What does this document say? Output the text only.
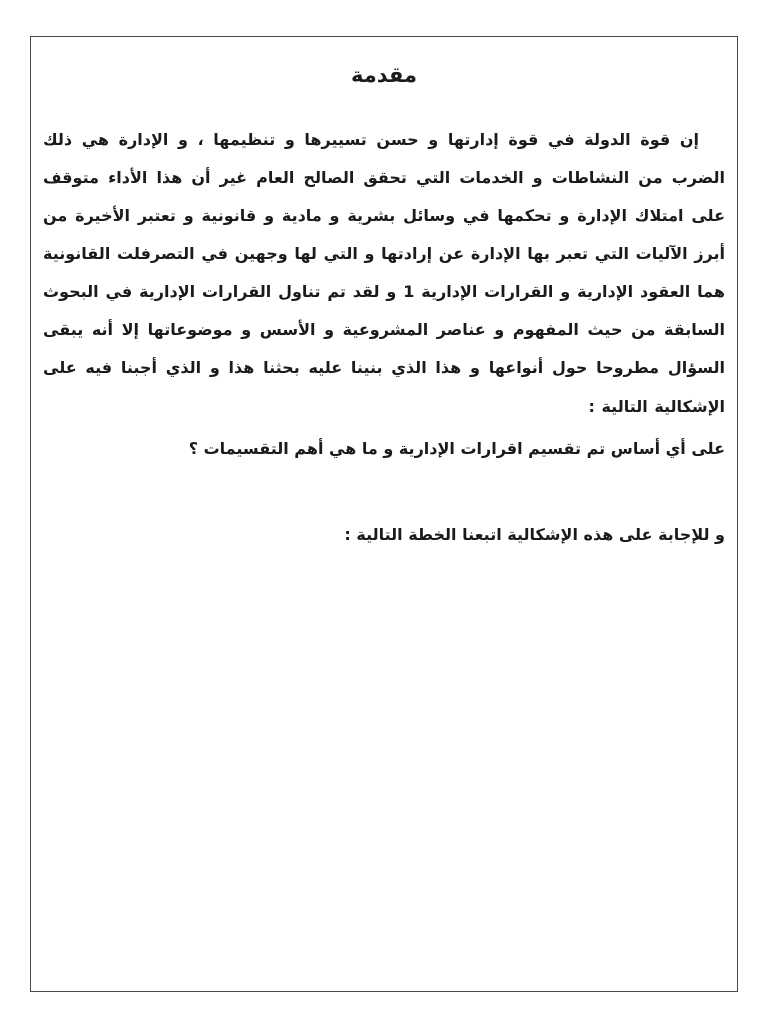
مقدمة

إن قوة الدولة في قوة إدارتها و حسن تسييرها و تنظيمها ، و الإدارة هي ذلك الضرب من النشاطات و الخدمات التي تحقق الصالح العام غير أن هذا الأداء متوقف على امتلاك الإدارة و تحكمها في وسائل بشرية و مادية و قانونية و تعتبر الأخيرة من أبرز الآليات التي تعبر بها الإدارة عن إرادتها و التي لها وجهين في التصرفلت القانونية هما العقود الإدارية و القرارات الإدارية 1 و لقد تم تناول القرارات الإدارية في البحوث السابقة من حيث المفهوم و عناصر المشروعية و الأسس و موضوعاتها إلا أنه يبقى السؤال مطروحا حول أنواعها و هذا الذي بنينا عليه بحثنا هذا و الذي أجبنا فيه على الإشكالية التالية :

على أي أساس تم تقسيم اقرارات الإدارية و ما هي أهم التقسيمات ؟

و للإجابة على هذه الإشكالية اتبعنا الخطة التالية :
